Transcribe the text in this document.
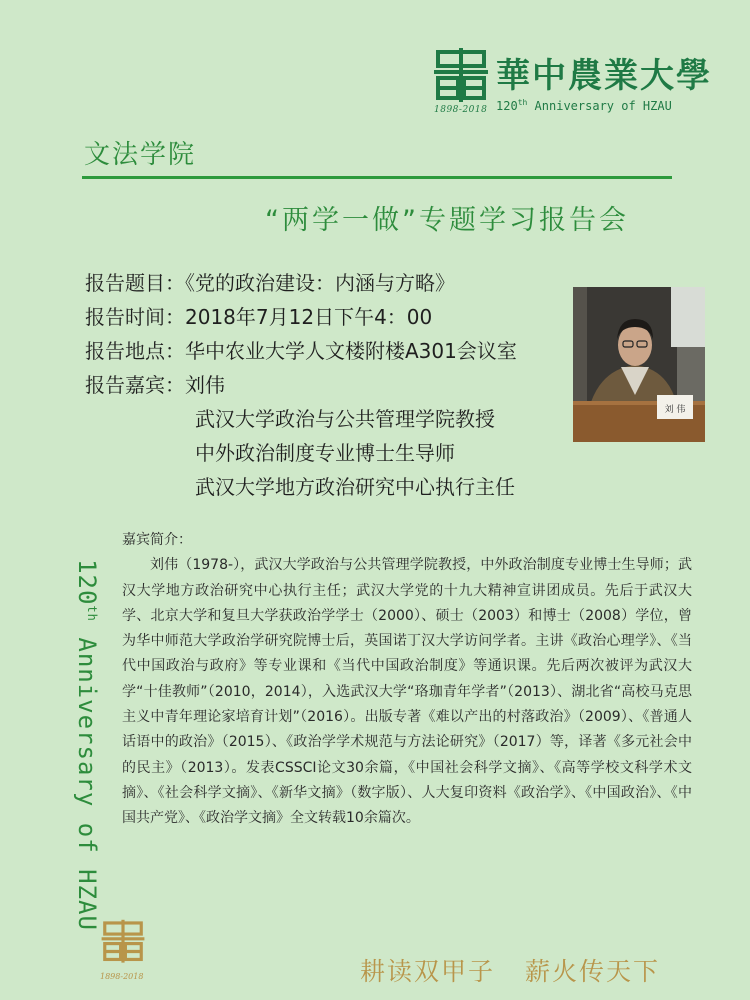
1898-2018
華中農業大學
120th Anniversary of HZAU
文法学院
“两学一做”专题学习报告会
报告题目：《党的政治建设：内涵与方略》
报告时间：2018年7月12日下午4：00
报告地点：华中农业大学人文楼附楼A301会议室
报告嘉宾：刘伟
武汉大学政治与公共管理学院教授
中外政治制度专业博士生导师
武汉大学地方政治研究中心执行主任
刘 伟
嘉宾简介：

刘伟（1978-），武汉大学政治与公共管理学院教授，中外政治制度专业博士生导师；武汉大学地方政治研究中心执行主任；武汉大学党的十九大精神宣讲团成员。先后于武汉大学、北京大学和复旦大学获政治学学士（2000）、硕士（2003）和博士（2008）学位，曾为华中师范大学政治学研究院博士后，英国诺丁汉大学访问学者。主讲《政治心理学》、《当代中国政治与政府》等专业课和《当代中国政治制度》等通识课。先后两次被评为武汉大学“十佳教师”（2010，2014），入选武汉大学“珞珈青年学者”（2013）、湖北省“高校马克思主义中青年理论家培育计划”（2016）。出版专著《难以产出的村落政治》（2009）、《普通人话语中的政治》（2015）、《政治学学术规范与方法论研究》（2017）等，译著《多元社会中的民主》（2013）。发表CSSCI论文30余篇，《中国社会科学文摘》、《高等学校文科学术文摘》、《社会科学文摘》、《新华文摘》（数字版）、人大复印资料《政治学》、《中国政治》、《中国共产党》、《政治学文摘》全文转载10余篇次。

120th Anniversary of HZAU
1898-2018	耕读双甲子 薪火传天下
